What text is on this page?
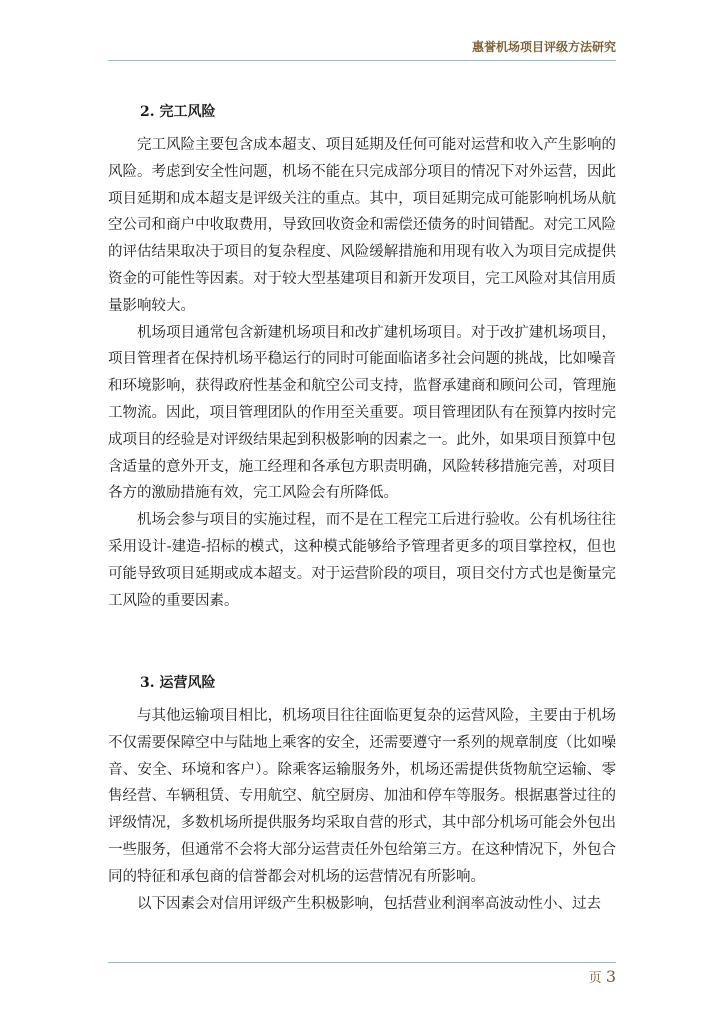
惠誉机场项目评级方法研究
2. 完工风险

完工风险主要包含成本超支、项目延期及任何可能对运营和收入产生影响的风险。考虑到安全性问题，机场不能在只完成部分项目的情况下对外运营，因此项目延期和成本超支是评级关注的重点。其中，项目延期完成可能影响机场从航空公司和商户中收取费用，导致回收资金和需偿还债务的时间错配。对完工风险的评估结果取决于项目的复杂程度、风险缓解措施和用现有收入为项目完成提供资金的可能性等因素。对于较大型基建项目和新开发项目，完工风险对其信用质量影响较大。

机场项目通常包含新建机场项目和改扩建机场项目。对于改扩建机场项目，项目管理者在保持机场平稳运行的同时可能面临诸多社会问题的挑战，比如噪音和环境影响，获得政府性基金和航空公司支持，监督承建商和顾问公司，管理施工物流。因此，项目管理团队的作用至关重要。项目管理团队有在预算内按时完成项目的经验是对评级结果起到积极影响的因素之一。此外，如果项目预算中包含适量的意外开支，施工经理和各承包方职责明确，风险转移措施完善，对项目各方的激励措施有效，完工风险会有所降低。

机场会参与项目的实施过程，而不是在工程完工后进行验收。公有机场往往采用设计-建造-招标的模式，这种模式能够给予管理者更多的项目掌控权，但也可能导致项目延期或成本超支。对于运营阶段的项目，项目交付方式也是衡量完工风险的重要因素。

3. 运营风险

与其他运输项目相比，机场项目往往面临更复杂的运营风险，主要由于机场不仅需要保障空中与陆地上乘客的安全，还需要遵守一系列的规章制度（比如噪音、安全、环境和客户）。除乘客运输服务外，机场还需提供货物航空运输、零售经营、车辆租赁、专用航空、航空厨房、加油和停车等服务。根据惠誉过往的评级情况，多数机场所提供服务均采取自营的形式，其中部分机场可能会外包出一些服务，但通常不会将大部分运营责任外包给第三方。在这种情况下，外包合同的特征和承包商的信誉都会对机场的运营情况有所影响。

以下因素会对信用评级产生积极影响，包括营业利润率高波动性小、过去

页 3
